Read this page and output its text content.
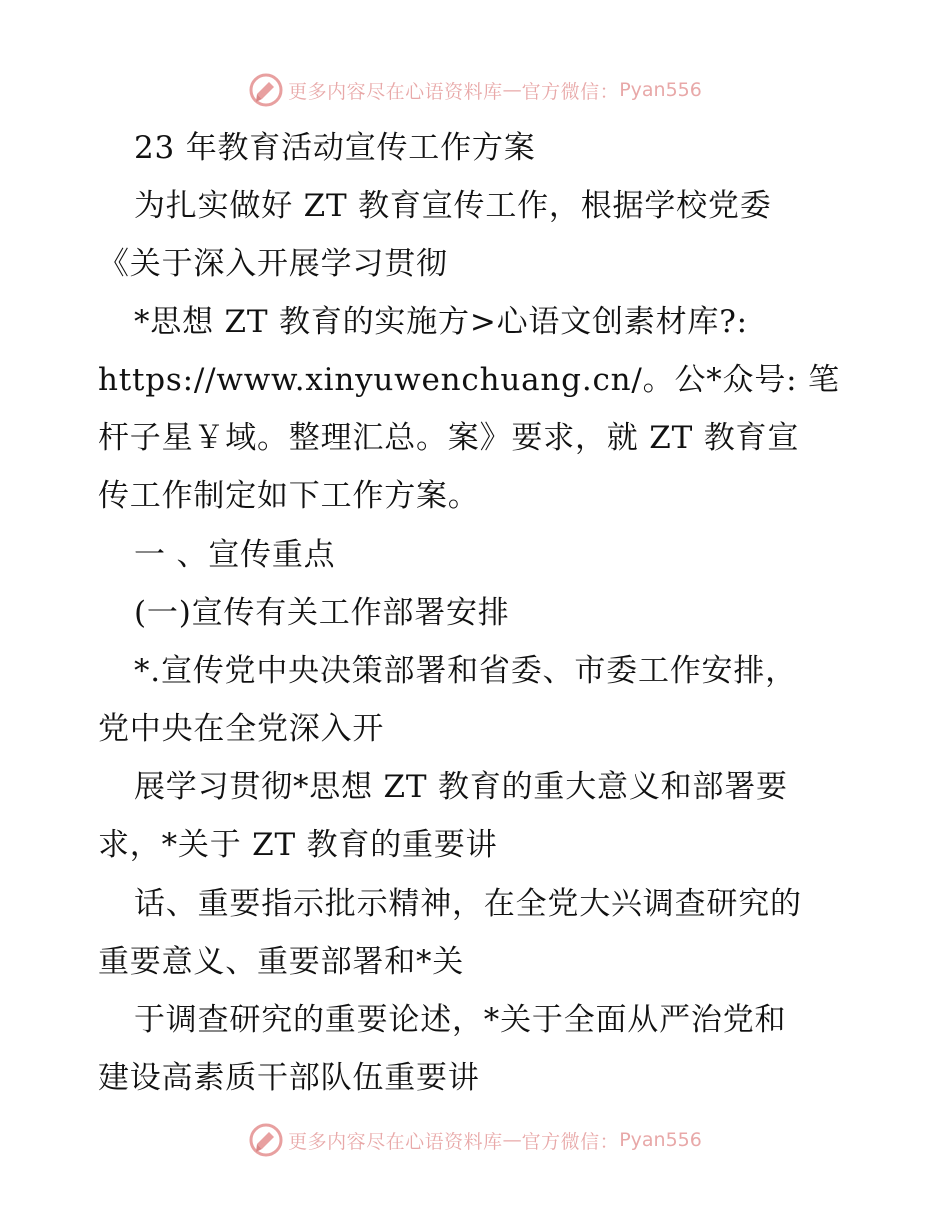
更多内容尽在心语资料库 — 官方微信： Pyan556
23 年教育活动宣传工作方案
为扎实做好 ZT 教育宣传工作，根据学校党委
《关于深入开展学习贯彻
*思想 ZT 教育的实施方>心语文创素材库?:
https://www.xinyuwenchuang.cn/。公*众号: 笔
杆子星￥域。整理汇总。案》要求，就 ZT 教育宣
传工作制定如下工作方案。
一 、宣传重点
(一)宣传有关工作部署安排
*.宣传党中央决策部署和省委、市委工作安排，
党中央在全党深入开
展学习贯彻*思想 ZT 教育的重大意义和部署要
求，*关于 ZT 教育的重要讲
话、重要指示批示精神，在全党大兴调查研究的
重要意义、重要部署和*关
于调查研究的重要论述，*关于全面从严治党和
建设高素质干部队伍重要讲
更多内容尽在心语资料库 — 官方微信： Pyan556
